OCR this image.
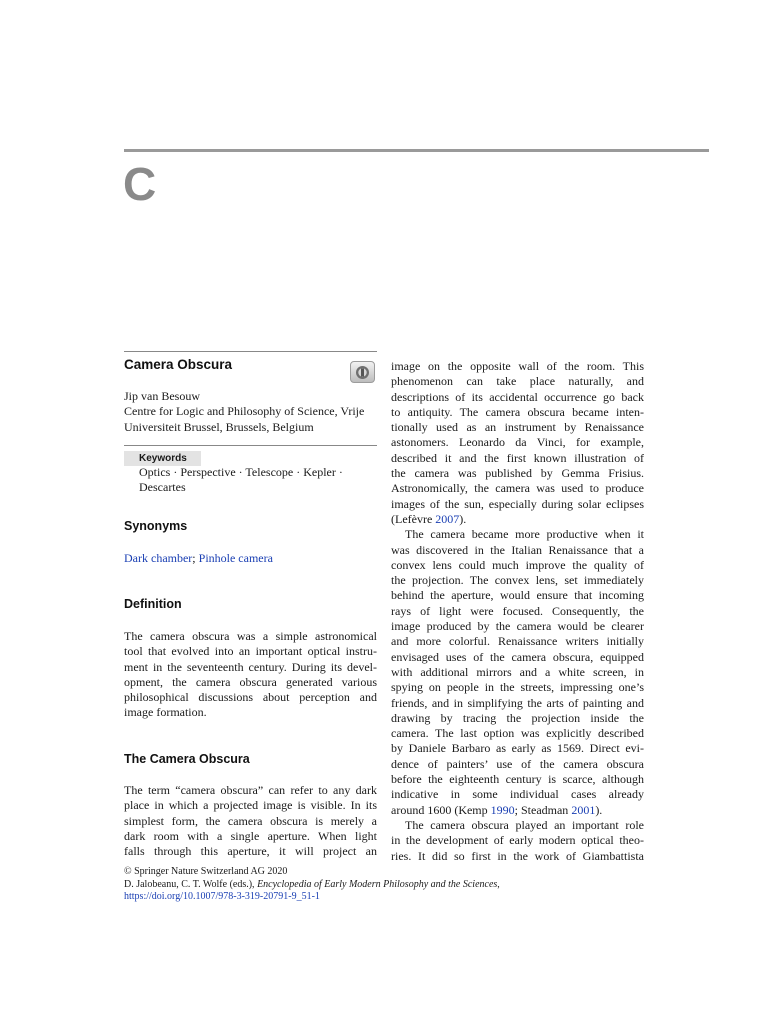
C
Camera Obscura
Jip van Besouw
Centre for Logic and Philosophy of Science, Vrije
Universiteit Brussel, Brussels, Belgium
Keywords
Optics · Perspective · Telescope · Kepler ·
Descartes
Synonyms
Dark chamber; Pinhole camera
Definition
The camera obscura was a simple astronomical
tool that evolved into an important optical instru-
ment in the seventeenth century. During its devel-
opment, the camera obscura generated various
philosophical discussions about perception and
image formation.
The Camera Obscura
The term “camera obscura” can refer to any dark
place in which a projected image is visible. In its
simplest form, the camera obscura is merely a
dark room with a single aperture. When light
falls through this aperture, it will project an
image on the opposite wall of the room. This
phenomenon can take place naturally, and
descriptions of its accidental occurrence go back
to antiquity. The camera obscura became inten-
tionally used as an instrument by Renaissance
astonomers. Leonardo da Vinci, for example,
described it and the first known illustration of
the camera was published by Gemma Frisius.
Astronomically, the camera was used to produce
images of the sun, especially during solar eclipses
(Lefèvre 2007).
The camera became more productive when it
was discovered in the Italian Renaissance that a
convex lens could much improve the quality of
the projection. The convex lens, set immediately
behind the aperture, would ensure that incoming
rays of light were focused. Consequently, the
image produced by the camera would be clearer
and more colorful. Renaissance writers initially
envisaged uses of the camera obscura, equipped
with additional mirrors and a white screen, in
spying on people in the streets, impressing one’s
friends, and in simplifying the arts of painting and
drawing by tracing the projection inside the
camera. The last option was explicitly described
by Daniele Barbaro as early as 1569. Direct evi-
dence of painters’ use of the camera obscura
before the eighteenth century is scarce, although
indicative in some individual cases already
around 1600 (Kemp 1990; Steadman 2001).
The camera obscura played an important role
in the development of early modern optical theo-
ries. It did so first in the work of Giambattista
© Springer Nature Switzerland AG 2020
D. Jalobeanu, C. T. Wolfe (eds.), Encyclopedia of Early Modern Philosophy and the Sciences,
https://doi.org/10.1007/978-3-319-20791-9_51-1
